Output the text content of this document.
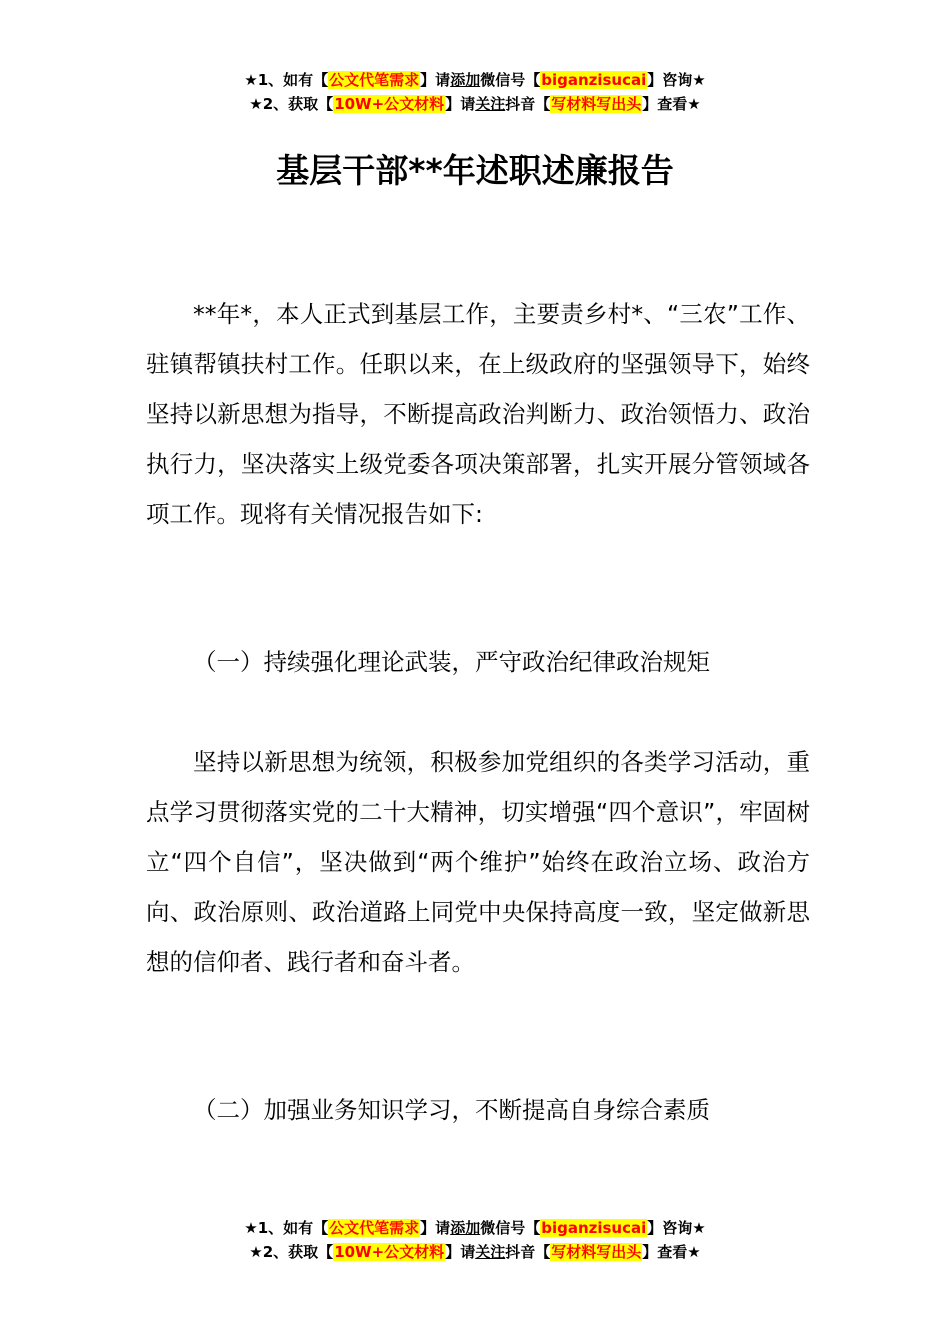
★1、如有【公文代笔需求】请添加微信号【biganzisucai】咨询★
★2、获取【10W+公文材料】请关注抖音【写材料写出头】查看★
基层干部**年述职述廉报告

**年*，本人正式到基层工作，主要责乡村*、“三农”工作、驻镇帮镇扶村工作。任职以来，在上级政府的坚强领导下，始终坚持以新思想为指导，不断提高政治判断力、政治领悟力、政治执行力，坚决落实上级党委各项决策部署，扎实开展分管领域各项工作。现将有关情况报告如下:

（一）持续强化理论武装，严守政治纪律政治规矩

坚持以新思想为统领，积极参加党组织的各类学习活动，重点学习贯彻落实党的二十大精神，切实增强“四个意识”，牢固树立“四个自信”，坚决做到“两个维护”始终在政治立场、政治方向、政治原则、政治道路上同党中央保持高度一致，坚定做新思想的信仰者、践行者和奋斗者。

（二）加强业务知识学习，不断提高自身综合素质

★1、如有【公文代笔需求】请添加微信号【biganzisucai】咨询★
★2、获取【10W+公文材料】请关注抖音【写材料写出头】查看★
